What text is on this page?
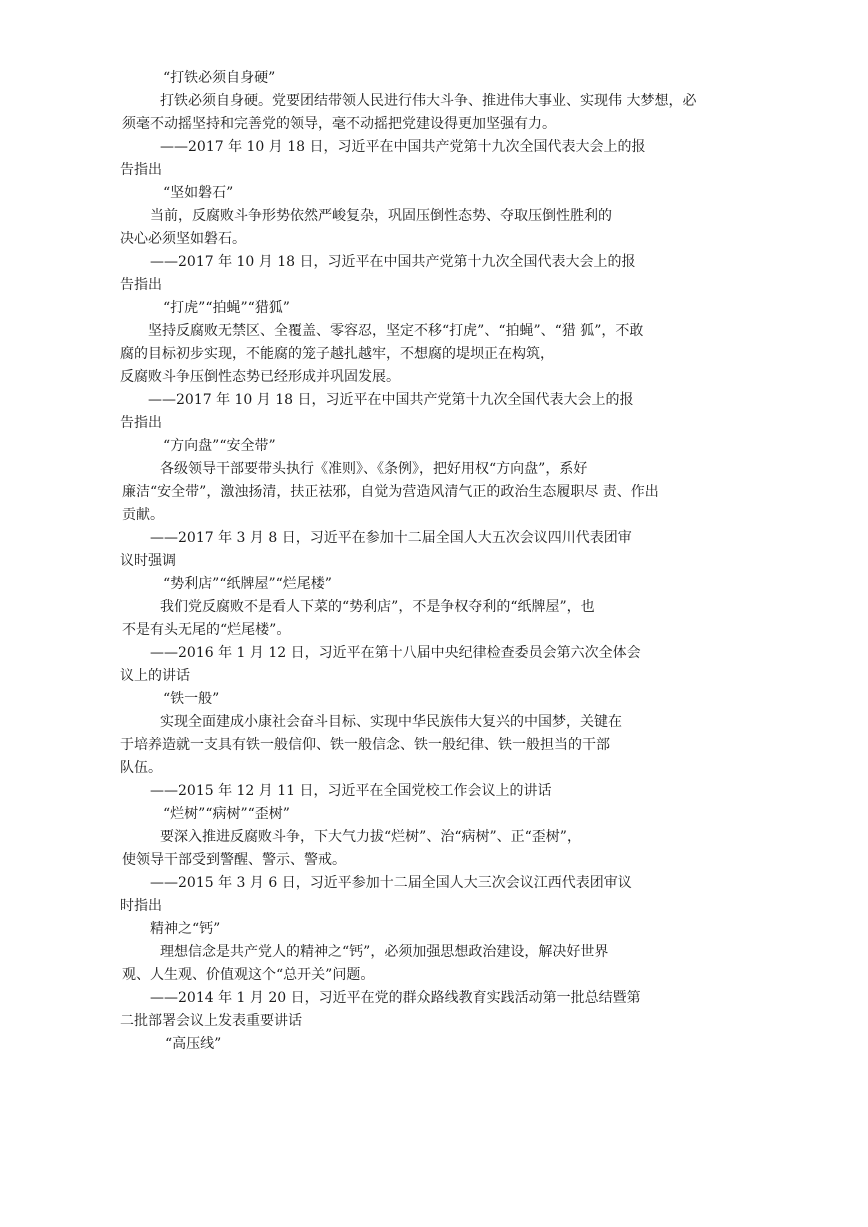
“打铁必须自身硬”

打铁必须自身硬。党要团结带领人民进行伟大斗争、推进伟大事业、实现伟 大梦想，必

须毫不动摇坚持和完善党的领导，毫不动摇把党建设得更加坚强有力。

——2017 年 10 月 18 日，习近平在中国共产党第十九次全国代表大会上的报

告指出

“坚如磐石”

当前，反腐败斗争形势依然严峻复杂，巩固压倒性态势、夺取压倒性胜利的

决心必须坚如磐石。

——2017 年 10 月 18 日，习近平在中国共产党第十九次全国代表大会上的报

告指出

“打虎”“拍蝇”“猎狐”

坚持反腐败无禁区、全覆盖、零容忍，坚定不移“打虎”、“拍蝇”、“猎 狐”，不敢

腐的目标初步实现，不能腐的笼子越扎越牢，不想腐的堤坝正在构筑，

反腐败斗争压倒性态势已经形成并巩固发展。

——2017 年 10 月 18 日，习近平在中国共产党第十九次全国代表大会上的报

告指出

“方向盘”“安全带”

各级领导干部要带头执行《准则》、《条例》，把好用权“方向盘”，系好

廉洁“安全带”，激浊扬清，扶正祛邪，自觉为营造风清气正的政治生态履职尽 责、作出

贡献。

——2017 年 3 月 8 日，习近平在参加十二届全国人大五次会议四川代表团审

议时强调

“势利店”“纸牌屋”“烂尾楼”

我们党反腐败不是看人下菜的“势利店”，不是争权夺利的“纸牌屋”，也

不是有头无尾的“烂尾楼”。

——2016 年 1 月 12 日，习近平在第十八届中央纪律检查委员会第六次全体会

议上的讲话

“铁一般”

实现全面建成小康社会奋斗目标、实现中华民族伟大复兴的中国梦，关键在

于培养造就一支具有铁一般信仰、铁一般信念、铁一般纪律、铁一般担当的干部

队伍。

——2015 年 12 月 11 日，习近平在全国党校工作会议上的讲话

“烂树”“病树”“歪树”

要深入推进反腐败斗争，下大气力拔“烂树”、治“病树”、正“歪树”，

使领导干部受到警醒、警示、警戒。

——2015 年 3 月 6 日，习近平参加十二届全国人大三次会议江西代表团审议

时指出

精神之“钙”

理想信念是共产党人的精神之“钙”，必须加强思想政治建设，解决好世界

观、人生观、价值观这个“总开关”问题。

——2014 年 1 月 20 日，习近平在党的群众路线教育实践活动第一批总结暨第

二批部署会议上发表重要讲话

“高压线”
